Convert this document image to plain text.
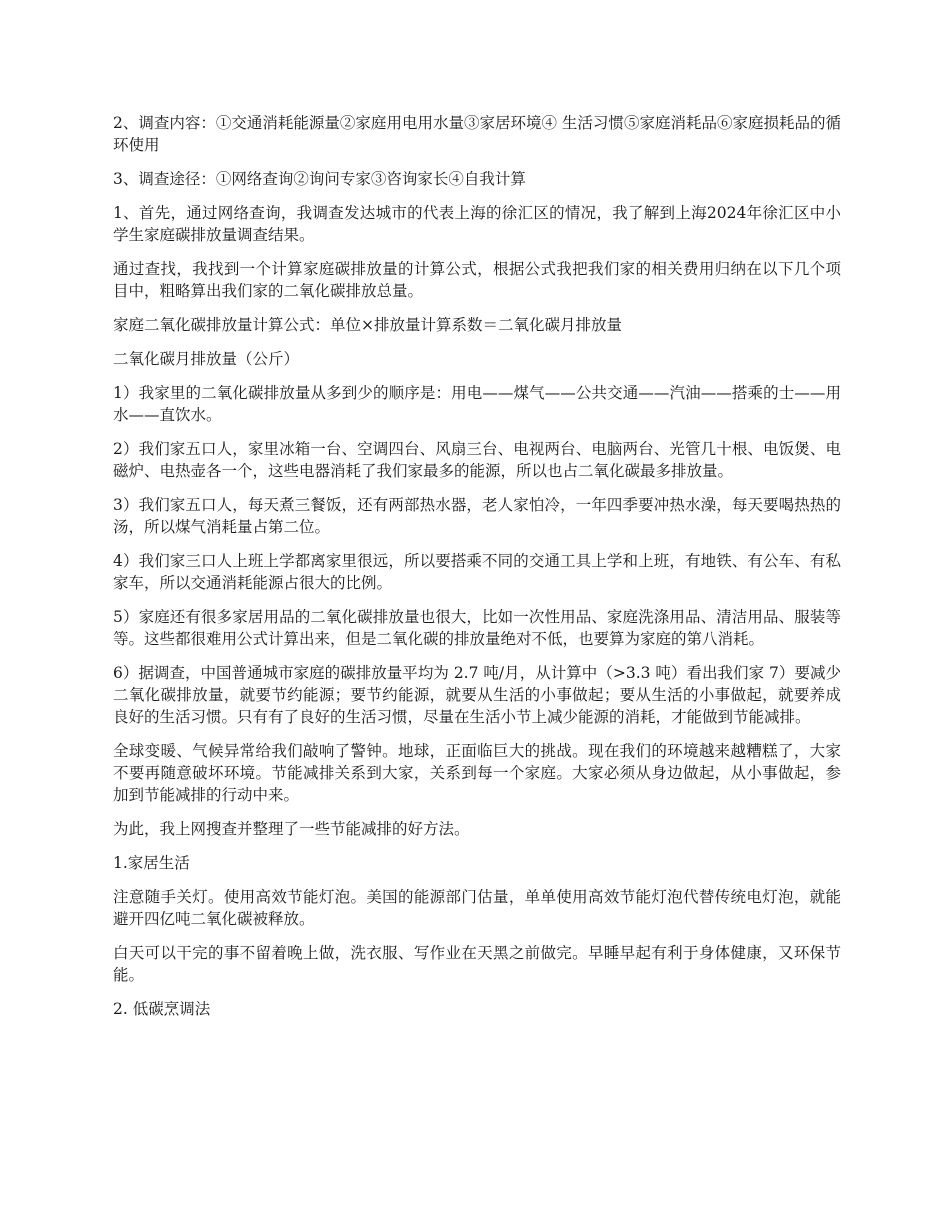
2、调查内容：①交通消耗能源量②家庭用电用水量③家居环境④ 生活习惯⑤家庭消耗品⑥家庭损耗品的循环使用

3、调查途径：①网络查询②询问专家③咨询家长④自我计算

1、首先，通过网络查询，我调查发达城市的代表上海的徐汇区的情况，我了解到上海2024年徐汇区中小学生家庭碳排放量调查结果。

通过查找，我找到一个计算家庭碳排放量的计算公式，根据公式我把我们家的相关费用归纳在以下几个项目中，粗略算出我们家的二氧化碳排放总量。

家庭二氧化碳排放量计算公式：单位×排放量计算系数＝二氧化碳月排放量

二氧化碳月排放量（公斤）

1）我家里的二氧化碳排放量从多到少的顺序是：用电——煤气——公共交通——汽油——搭乘的士——用水——直饮水。

2）我们家五口人，家里冰箱一台、空调四台、风扇三台、电视两台、电脑两台、光管几十根、电饭煲、电磁炉、电热壶各一个，这些电器消耗了我们家最多的能源，所以也占二氧化碳最多排放量。

3）我们家五口人，每天煮三餐饭，还有两部热水器，老人家怕冷，一年四季要冲热水澡，每天要喝热热的汤，所以煤气消耗量占第二位。

4）我们家三口人上班上学都离家里很远，所以要搭乘不同的交通工具上学和上班，有地铁、有公车、有私家车，所以交通消耗能源占很大的比例。

5）家庭还有很多家居用品的二氧化碳排放量也很大，比如一次性用品、家庭洗涤用品、清洁用品、服装等等。这些都很难用公式计算出来，但是二氧化碳的排放量绝对不低，也要算为家庭的第八消耗。

6）据调查，中国普通城市家庭的碳排放量平均为 2.7 吨/月，从计算中（>3.3 吨）看出我们家 7）要减少二氧化碳排放量，就要节约能源；要节约能源，就要从生活的小事做起；要从生活的小事做起，就要养成良好的生活习惯。只有有了良好的生活习惯，尽量在生活小节上减少能源的消耗，才能做到节能减排。

全球变暖、气候异常给我们敲响了警钟。地球，正面临巨大的挑战。现在我们的环境越来越糟糕了，大家不要再随意破坏环境。节能减排关系到大家，关系到每一个家庭。大家必须从身边做起，从小事做起，参加到节能减排的行动中来。

为此，我上网搜查并整理了一些节能减排的好方法。

1.家居生活

注意随手关灯。使用高效节能灯泡。美国的能源部门估量，单单使用高效节能灯泡代替传统电灯泡，就能避开四亿吨二氧化碳被释放。

白天可以干完的事不留着晚上做，洗衣服、写作业在天黑之前做完。早睡早起有利于身体健康，又环保节能。

2. 低碳烹调法
